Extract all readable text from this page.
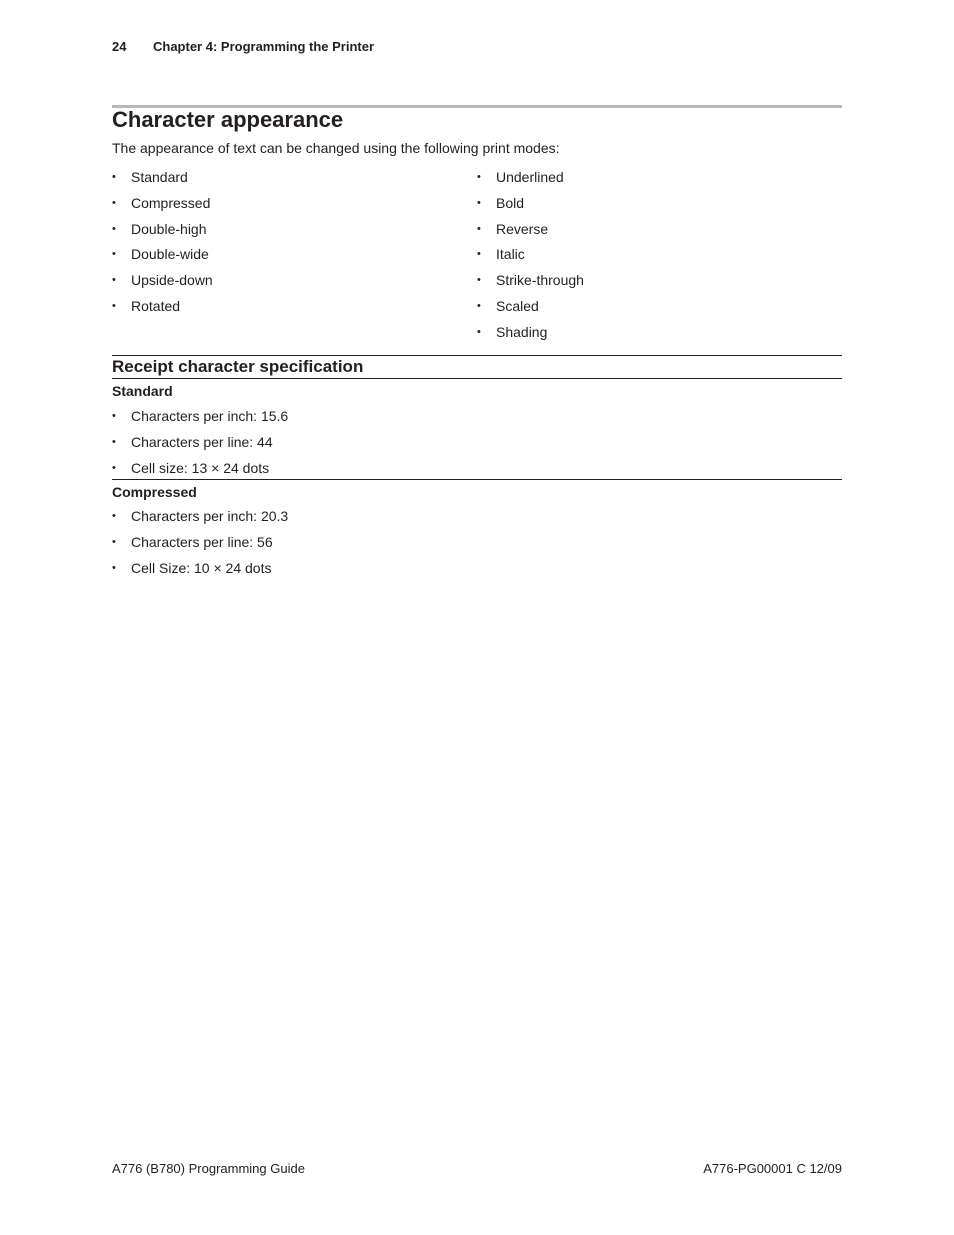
24 Chapter 4: Programming the Printer
Character appearance

The appearance of text can be changed using the following print modes:

• Standard
• Compressed
• Double-high
• Double-wide
• Upside-down
• Rotated
• Underlined
• Bold
• Reverse
• Italic
• Strike-through
• Scaled
• Shading
Receipt character specification
Standard
• Characters per inch: 15.6
• Characters per line: 44
• Cell size: 13 × 24 dots
Compressed
• Characters per inch: 20.3
• Characters per line: 56
• Cell Size: 10 × 24 dots
A776 (B780) Programming Guide	A776-PG00001 C 12/09
